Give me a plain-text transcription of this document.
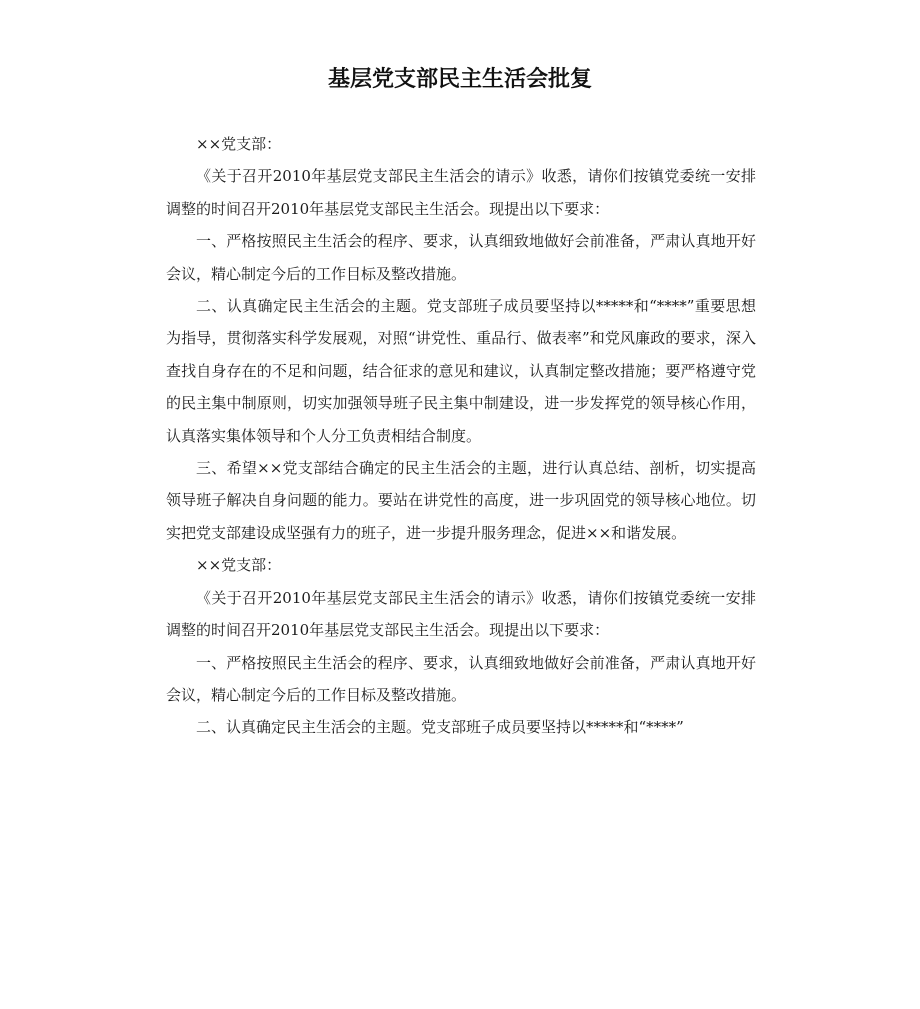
基层党支部民主生活会批复

××党支部：

《关于召开2010年基层党支部民主生活会的请示》收悉，请你们按镇党委统一安排调整的时间召开2010年基层党支部民主生活会。现提出以下要求：

一、严格按照民主生活会的程序、要求，认真细致地做好会前准备，严肃认真地开好会议，精心制定今后的工作目标及整改措施。

二、认真确定民主生活会的主题。党支部班子成员要坚持以*****和“****”重要思想为指导，贯彻落实科学发展观，对照“讲党性、重品行、做表率”和党风廉政的要求，深入查找自身存在的不足和问题，结合征求的意见和建议，认真制定整改措施；要严格遵守党的民主集中制原则，切实加强领导班子民主集中制建设，进一步发挥党的领导核心作用，认真落实集体领导和个人分工负责相结合制度。

三、希望××党支部结合确定的民主生活会的主题，进行认真总结、剖析，切实提高领导班子解决自身问题的能力。要站在讲党性的高度，进一步巩固党的领导核心地位。切实把党支部建设成坚强有力的班子，进一步提升服务理念，促进××和谐发展。

××党支部：

《关于召开2010年基层党支部民主生活会的请示》收悉，请你们按镇党委统一安排调整的时间召开2010年基层党支部民主生活会。现提出以下要求：

一、严格按照民主生活会的程序、要求，认真细致地做好会前准备，严肃认真地开好会议，精心制定今后的工作目标及整改措施。

二、认真确定民主生活会的主题。党支部班子成员要坚持以*****和“****”
